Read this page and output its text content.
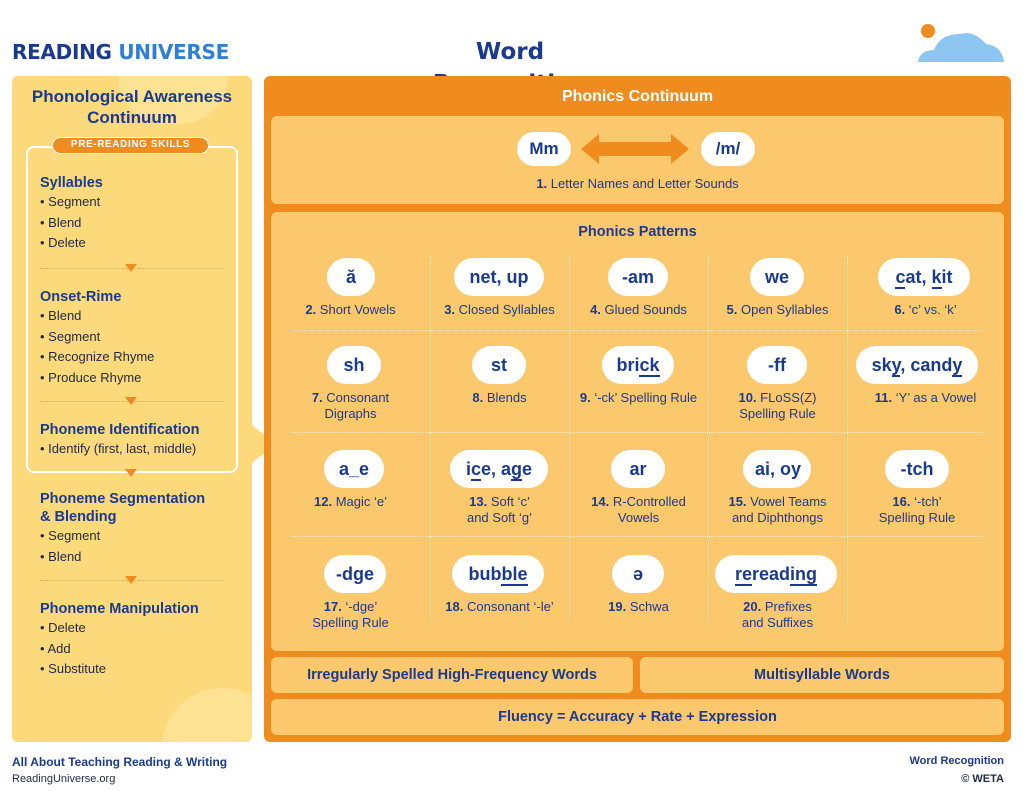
READING UNIVERSE	Word
Phonological Awareness
Continuum
PRE-READING SKILLS
Syllables
• Segment
• Blend
• Delete
Onset-Rime
• Blend
• Segment
• Recognize Rhyme
• Produce Rhyme
Phoneme Identification
• Identify (first, last, middle)
Phoneme Segmentation
& Blending
• Segment
• Blend
Phoneme Manipulation
• Delete
• Add
• Substitute
Phonics Continuum
Mm	/m/
1. Letter Names and Letter Sounds
Phonics Patterns
ă
2. Short Vowels
net, up
3. Closed Syllables
-am
4. Glued Sounds
we
5. Open Syllables
cat, kit
6. ‘c’ vs. ‘k’
sh
7. Consonant
Digraphs
st
8. Blends
brick
9. ‘-ck’ Spelling Rule
-ff
10. FLoSS(Z)
Spelling Rule
sky, candy
11. ‘Y’ as a Vowel
a_e
12. Magic ‘e’
ice, age
13. Soft ‘c’
and Soft ‘g’
ar
14. R-Controlled
Vowels
ai, oy
15. Vowel Teams
and Diphthongs
-tch
16. ‘-tch’
Spelling Rule
-dge
17. ‘-dge’
Spelling Rule
bubble
18. Consonant ‘-le’
ə
19. Schwa
rereading
20. Prefixes
and Suffixes
Irregularly Spelled High-Frequency Words	Multisyllable Words
Fluency = Accuracy + Rate + Expression
All About Teaching Reading & Writing
ReadingUniverse.org
Word Recognition
© WETA
